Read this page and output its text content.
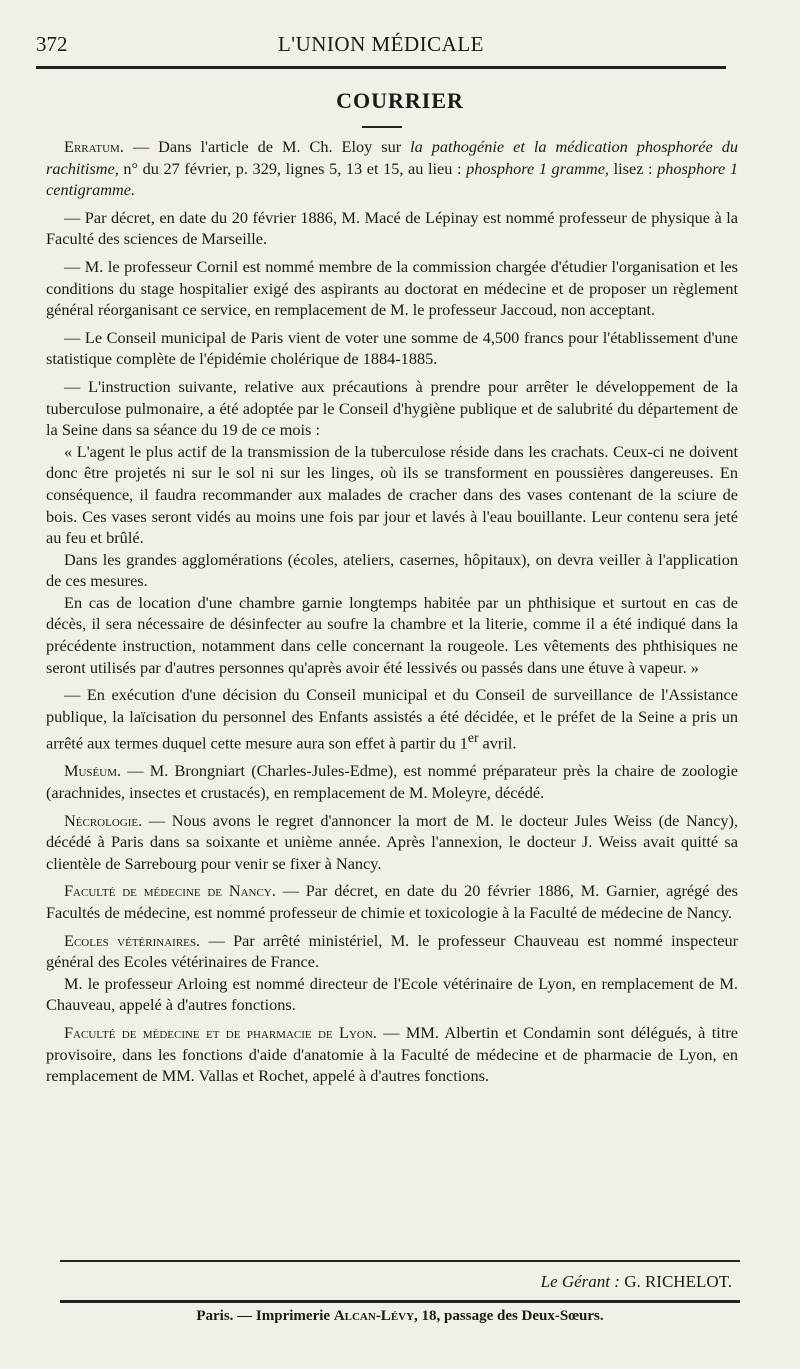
372	L'UNION MÉDICALE
COURRIER

Erratum. — Dans l'article de M. Ch. Eloy sur la pathogénie et la médication phosphorée du rachitisme, n° du 27 février, p. 329, lignes 5, 13 et 15, au lieu : phosphore 1 gramme, lisez : phosphore 1 centigramme.

— Par décret, en date du 20 février 1886, M. Macé de Lépinay est nommé professeur de physique à la Faculté des sciences de Marseille.

— M. le professeur Cornil est nommé membre de la commission chargée d'étudier l'organisation et les conditions du stage hospitalier exigé des aspirants au doctorat en médecine et de proposer un règlement général réorganisant ce service, en remplacement de M. le professeur Jaccoud, non acceptant.

— Le Conseil municipal de Paris vient de voter une somme de 4,500 francs pour l'établissement d'une statistique complète de l'épidémie cholérique de 1884-1885.

— L'instruction suivante, relative aux précautions à prendre pour arrêter le développement de la tuberculose pulmonaire, a été adoptée par le Conseil d'hygiène publique et de salubrité du département de la Seine dans sa séance du 19 de ce mois :

« L'agent le plus actif de la transmission de la tuberculose réside dans les crachats. Ceux-ci ne doivent donc être projetés ni sur le sol ni sur les linges, où ils se transforment en poussières dangereuses. En conséquence, il faudra recommander aux malades de cracher dans des vases contenant de la sciure de bois. Ces vases seront vidés au moins une fois par jour et lavés à l'eau bouillante. Leur contenu sera jeté au feu et brûlé.

Dans les grandes agglomérations (écoles, ateliers, casernes, hôpitaux), on devra veiller à l'application de ces mesures.

En cas de location d'une chambre garnie longtemps habitée par un phthisique et surtout en cas de décès, il sera nécessaire de désinfecter au soufre la chambre et la literie, comme il a été indiqué dans la précédente instruction, notamment dans celle concernant la rougeole. Les vêtements des phthisiques ne seront utilisés par d'autres personnes qu'après avoir été lessivés ou passés dans une étuve à vapeur. »

— En exécution d'une décision du Conseil municipal et du Conseil de surveillance de l'Assistance publique, la laïcisation du personnel des Enfants assistés a été décidée, et le préfet de la Seine a pris un arrêté aux termes duquel cette mesure aura son effet à partir du 1er avril.

Muséum. — M. Brongniart (Charles-Jules-Edme), est nommé préparateur près la chaire de zoologie (arachnides, insectes et crustacés), en remplacement de M. Moleyre, décédé.

Nécrologie. — Nous avons le regret d'annoncer la mort de M. le docteur Jules Weiss (de Nancy), décédé à Paris dans sa soixante et unième année. Après l'annexion, le docteur J. Weiss avait quitté sa clientèle de Sarrebourg pour venir se fixer à Nancy.

Faculté de médecine de Nancy. — Par décret, en date du 20 février 1886, M. Garnier, agrégé des Facultés de médecine, est nommé professeur de chimie et toxicologie à la Faculté de médecine de Nancy.

Ecoles vétérinaires. — Par arrêté ministériel, M. le professeur Chauveau est nommé inspecteur général des Ecoles vétérinaires de France.

M. le professeur Arloing est nommé directeur de l'Ecole vétérinaire de Lyon, en remplacement de M. Chauveau, appelé à d'autres fonctions.

Faculté de médecine et de pharmacie de Lyon. — MM. Albertin et Condamin sont délégués, à titre provisoire, dans les fonctions d'aide d'anatomie à la Faculté de médecine et de pharmacie de Lyon, en remplacement de MM. Vallas et Rochet, appelé à d'autres fonctions.

Le Gérant : G. RICHELOT.
Paris. — Imprimerie Alcan-Lévy, 18, passage des Deux-Sœurs.
